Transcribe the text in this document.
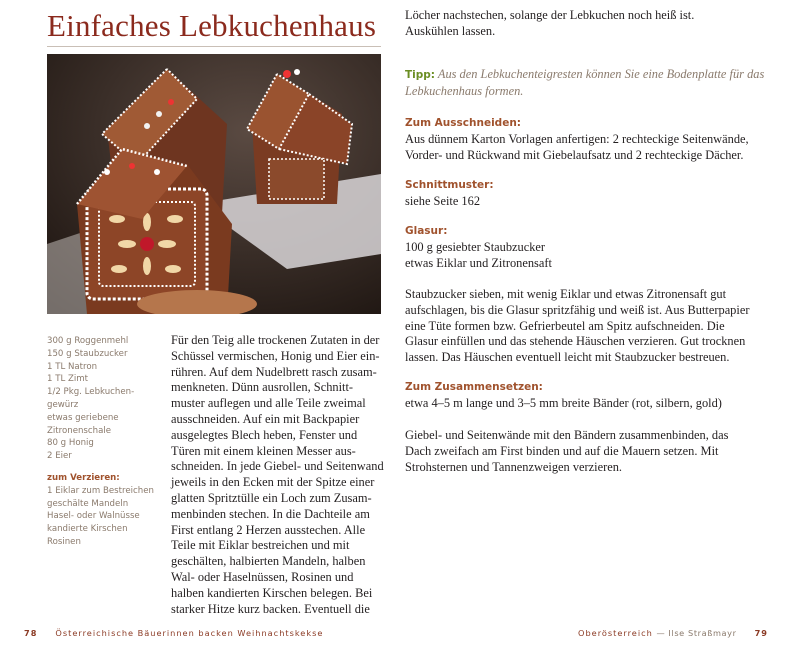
Einfaches Lebkuchenhaus
300 g Roggenmehl
150 g Staubzucker
1 TL Natron
1 TL Zimt
1/2 Pkg. Lebkuchen-
gewürz
etwas geriebene
Zitronenschale
80 g Honig
2 Eier
zum Verzieren:
1 Eiklar zum Bestreichen
geschälte Mandeln
Hasel- oder Walnüsse
kandierte Kirschen
Rosinen
Für den Teig alle trockenen Zutaten in der
Schüssel vermischen, Honig und Eier ein-
rühren. Auf dem Nudelbrett rasch zusam-
menkneten. Dünn ausrollen, Schnitt-
muster auflegen und alle Teile zweimal
ausschneiden. Auf ein mit Backpapier
ausgelegtes Blech heben, Fenster und
Türen mit einem kleinen Messer aus-
schneiden. In jede Giebel- und Seitenwand
jeweils in den Ecken mit der Spitze einer
glatten Spritztülle ein Loch zum Zusam-
menbinden stechen. In die Dachteile am
First entlang 2 Herzen ausstechen. Alle
Teile mit Eiklar bestreichen und mit
geschälten, halbierten Mandeln, halben
Wal- oder Haselnüssen, Rosinen und
halben kandierten Kirschen belegen. Bei
starker Hitze kurz backen. Eventuell die
Löcher nachstechen, solange der Lebkuchen noch heiß ist.
Auskühlen lassen.
Tipp: Aus den Lebkuchenteigresten können Sie eine Bodenplatte für das
Lebkuchenhaus formen.
Zum Ausschneiden:
Aus dünnem Karton Vorlagen anfertigen: 2 rechteckige Seitenwände,
Vorder- und Rückwand mit Giebelaufsatz und 2 rechteckige Dächer.
Schnittmuster:
siehe Seite 162
Glasur:
100 g gesiebter Staubzucker
etwas Eiklar und Zitronensaft
Staubzucker sieben, mit wenig Eiklar und etwas Zitronensaft gut
aufschlagen, bis die Glasur spritzfähig und weiß ist. Aus Butterpapier
eine Tüte formen bzw. Gefrierbeutel am Spitz aufschneiden. Die
Glasur einfüllen und das stehende Häuschen verzieren. Gut trocknen
lassen. Das Häuschen eventuell leicht mit Staubzucker bestreuen.
Zum Zusammensetzen:
etwa 4–5 m lange und 3–5 mm breite Bänder (rot, silbern, gold)
Giebel- und Seitenwände mit den Bändern zusammenbinden, das
Dach zweifach am First binden und auf die Mauern setzen. Mit
Strohsternen und Tannenzweigen verzieren.
78 Österreichische Bäuerinnen backen Weihnachtskekse	Oberösterreich — Ilse Straßmayr 79
